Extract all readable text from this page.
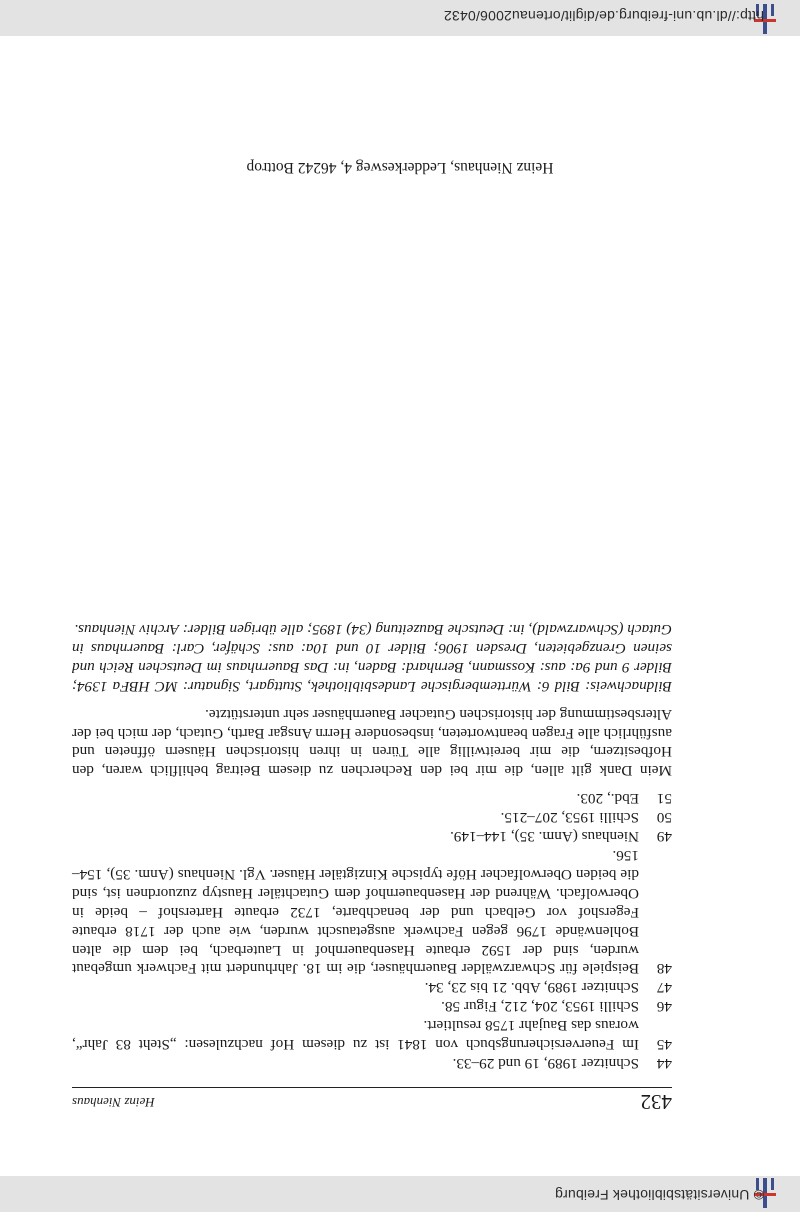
© Universitätsbibliothek Freiburg
432
Heinz Nienhaus
44
Schnitzer 1989, 19 und 29–33.
45
Im Feuerversicherungsbuch von 1841 ist zu diesem Hof nachzulesen: „Steht 83 Jahr“, woraus das Baujahr 1758 resultiert.
46
Schilli 1953, 204, 212, Figur 58.
47
Schnitzer 1989, Abb. 21 bis 23, 34.
48
Beispiele für Schwarzwälder Bauernhäuser, die im 18. Jahrhundert mit Fachwerk umgebaut wurden, sind der 1592 erbaute Hasenbauernhof in Lauterbach, bei dem die alten Bohlenwände 1796 gegen Fachwerk ausgetauscht wurden, wie auch der 1718 erbaute Fegershof vor Gelbach und der benachbarte, 1732 erbaute Hartershof – beide in Oberwolfach. Während der Hasenbauernhof dem Gutachtäler Haustyp zuzuordnen ist, sind die beiden Oberwolfacher Höfe typische Kinzigtäler Häuser. Vgl. Nienhaus (Anm. 35), 154–156.
49
Nienhaus (Anm. 35), 144–149.
50
Schilli 1953, 207–215.
51
Ebd., 203.
Mein Dank gilt allen, die mir bei den Recherchen zu diesem Beitrag behilflich waren, den Hofbesitzern, die mir bereitwillig alle Türen in ihren historischen Häusern öffneten und ausführlich alle Fragen beantworteten, insbesondere Herrn Ansgar Barth, Gutach, der mich bei der Altersbestimmung der historischen Gutacher Bauernhäuser sehr unterstützte.
Bildnachweis: Bild 6: Württembergische Landesbibliothek, Stuttgart, Signatur: MC HBFa 1394; Bilder 9 und 9a: aus: Kossmann, Bernhard: Baden, in: Das Bauernhaus im Deutschen Reich und seinen Grenzgebieten, Dresden 1906; Bilder 10 und 10a: aus: Schäfer, Carl: Bauernhaus in Gutach (Schwarzwald), in: Deutsche Bauzeitung (34) 1895; alle übrigen Bilder: Archiv Nienhaus.
Heinz Nienhaus, Ledderkesweg 4, 46242 Bottrop
http://dl.ub.uni-freiburg.de/diglit/ortenau2006/0432
